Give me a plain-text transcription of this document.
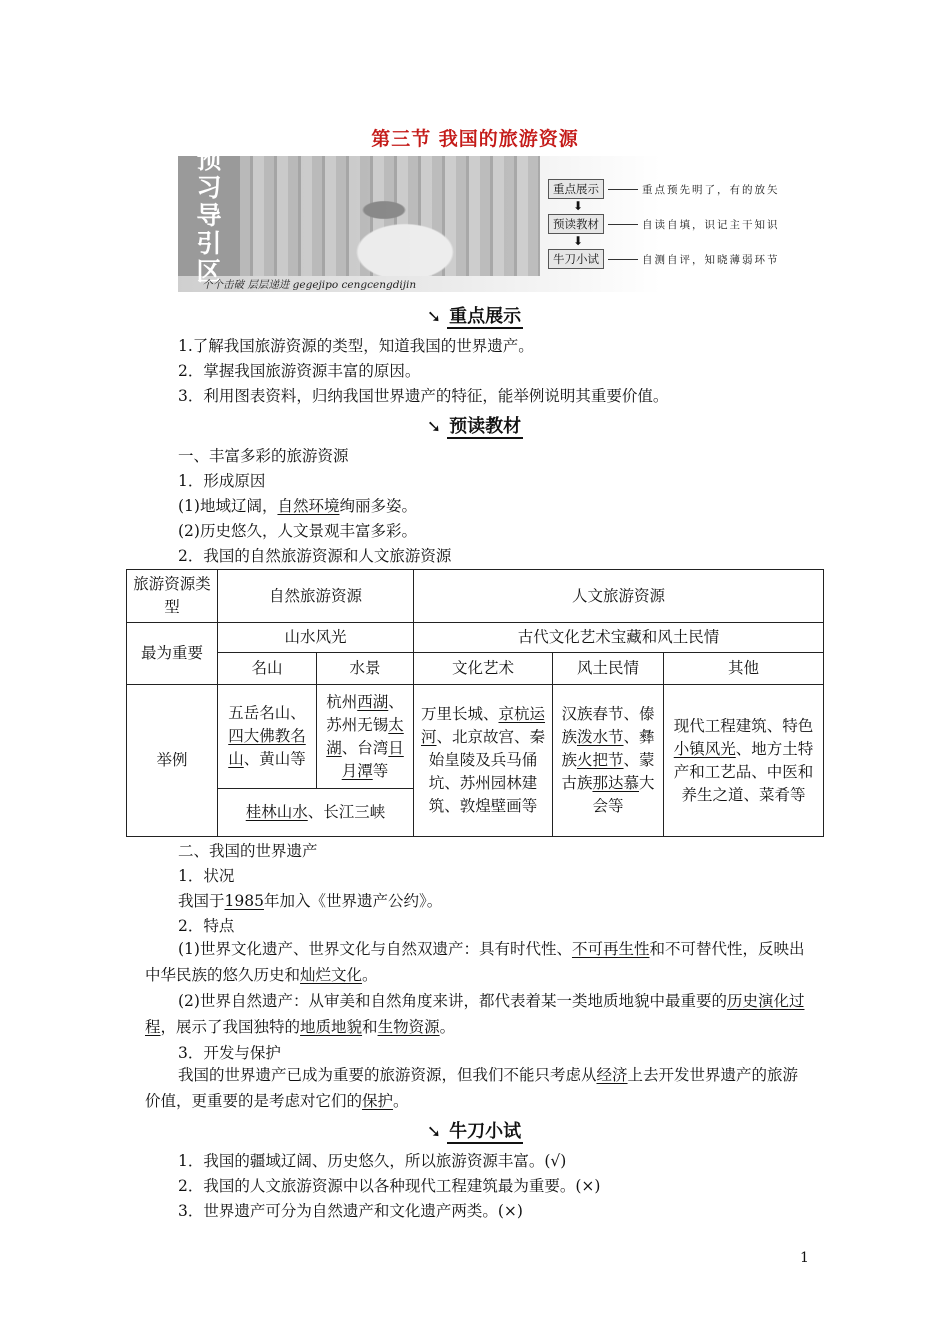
第三节 我国的旅游资源
预
习
导
引
区
个个击破 层层递进 gegejipo cengcengdijin
重点展示	重点预先明了，有的放矢
⬇
预读教材	自读自填，识记主干知识
⬇
牛刀小试	自测自评，知晓薄弱环节
➘ 重点展示
1.了解我国旅游资源的类型，知道我国的世界遗产。
2．掌握我国旅游资源丰富的原因。
3．利用图表资料，归纳我国世界遗产的特征，能举例说明其重要价值。
➘ 预读教材
一、丰富多彩的旅游资源
1．形成原因
(1)地域辽阔，自然环境绚丽多姿。
(2)历史悠久，人文景观丰富多彩。
2．我国的自然旅游资源和人文旅游资源
旅游资源类型	自然旅游资源		人文旅游资源		
最为重要	山水风光		古代文化艺术宝藏和风土民情		
	名山	水景	文化艺术	风土民情	其他
举例	五岳名山、四大佛教名山、黄山等	杭州西湖、苏州无锡太湖、台湾日月潭等	万里长城、京杭运河、北京故宫、秦始皇陵及兵马俑坑、苏州园林建筑、敦煌壁画等	汉族春节、傣族泼水节、彝族火把节、蒙古族那达慕大会等	现代工程建筑、特色小镇风光、地方土特产和工艺品、中医和养生之道、菜肴等
	桂林山水、长江三峡				
二、我国的世界遗产
1．状况
我国于1985年加入《世界遗产公约》。
2．特点
(1)世界文化遗产、世界文化与自然双遗产：具有时代性、不可再生性和不可替代性，反映出中华民族的悠久历史和灿烂文化。
(2)世界自然遗产：从审美和自然角度来讲，都代表着某一类地质地貌中最重要的历史演化过程，展示了我国独特的地质地貌和生物资源。
3．开发与保护
我国的世界遗产已成为重要的旅游资源，但我们不能只考虑从经济上去开发世界遗产的旅游价值，更重要的是考虑对它们的保护。
➘ 牛刀小试
1．我国的疆域辽阔、历史悠久，所以旅游资源丰富。(√)
2．我国的人文旅游资源中以各种现代工程建筑最为重要。(×)
3．世界遗产可分为自然遗产和文化遗产两类。(×)
1
